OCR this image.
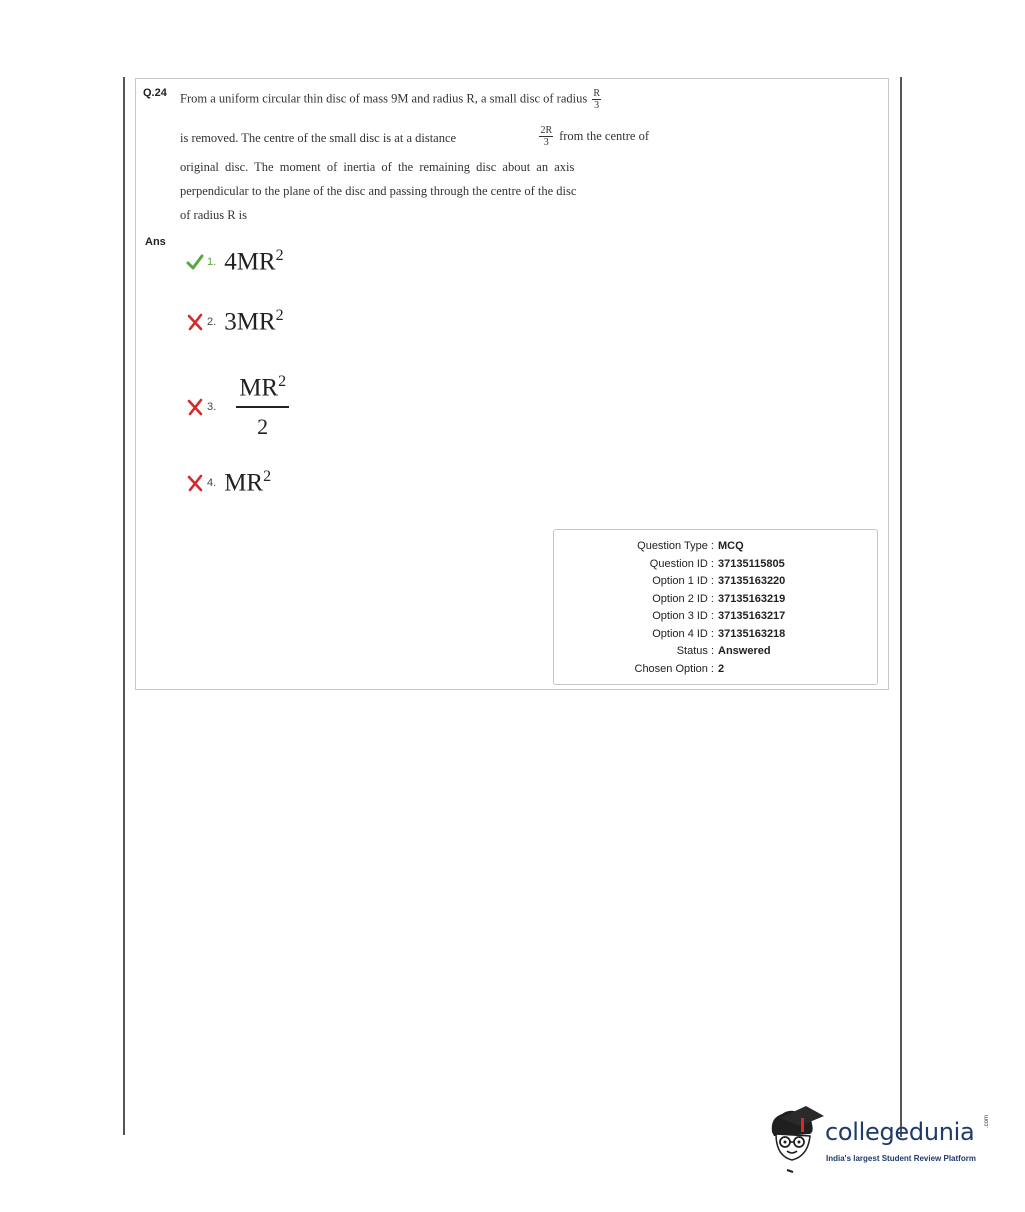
Q.24 From a uniform circular thin disc of mass 9M and radius R, a small disc of radius $\frac{R}{3}$
is removed. The centre of the small disc is at a distance	$\frac{2R}{3}$ from the centre of
original disc. The moment of inertia of the remaining disc about an axis
perpendicular to the plane of the disc and passing through the centre of the disc
of radius R is
Ans
1. $4MR^2$
2. $3MR^2$
3. $\frac{MR^2}{2}$
4. $MR^2$
Question Type : MCQ
Question ID : 37135115805
Option 1 ID : 37135163220
Option 2 ID : 37135163219
Option 3 ID : 37135163217
Option 4 ID : 37135163218
Status : Answered
Chosen Option : 2
collegedunia .com
India's largest Student Review Platform
